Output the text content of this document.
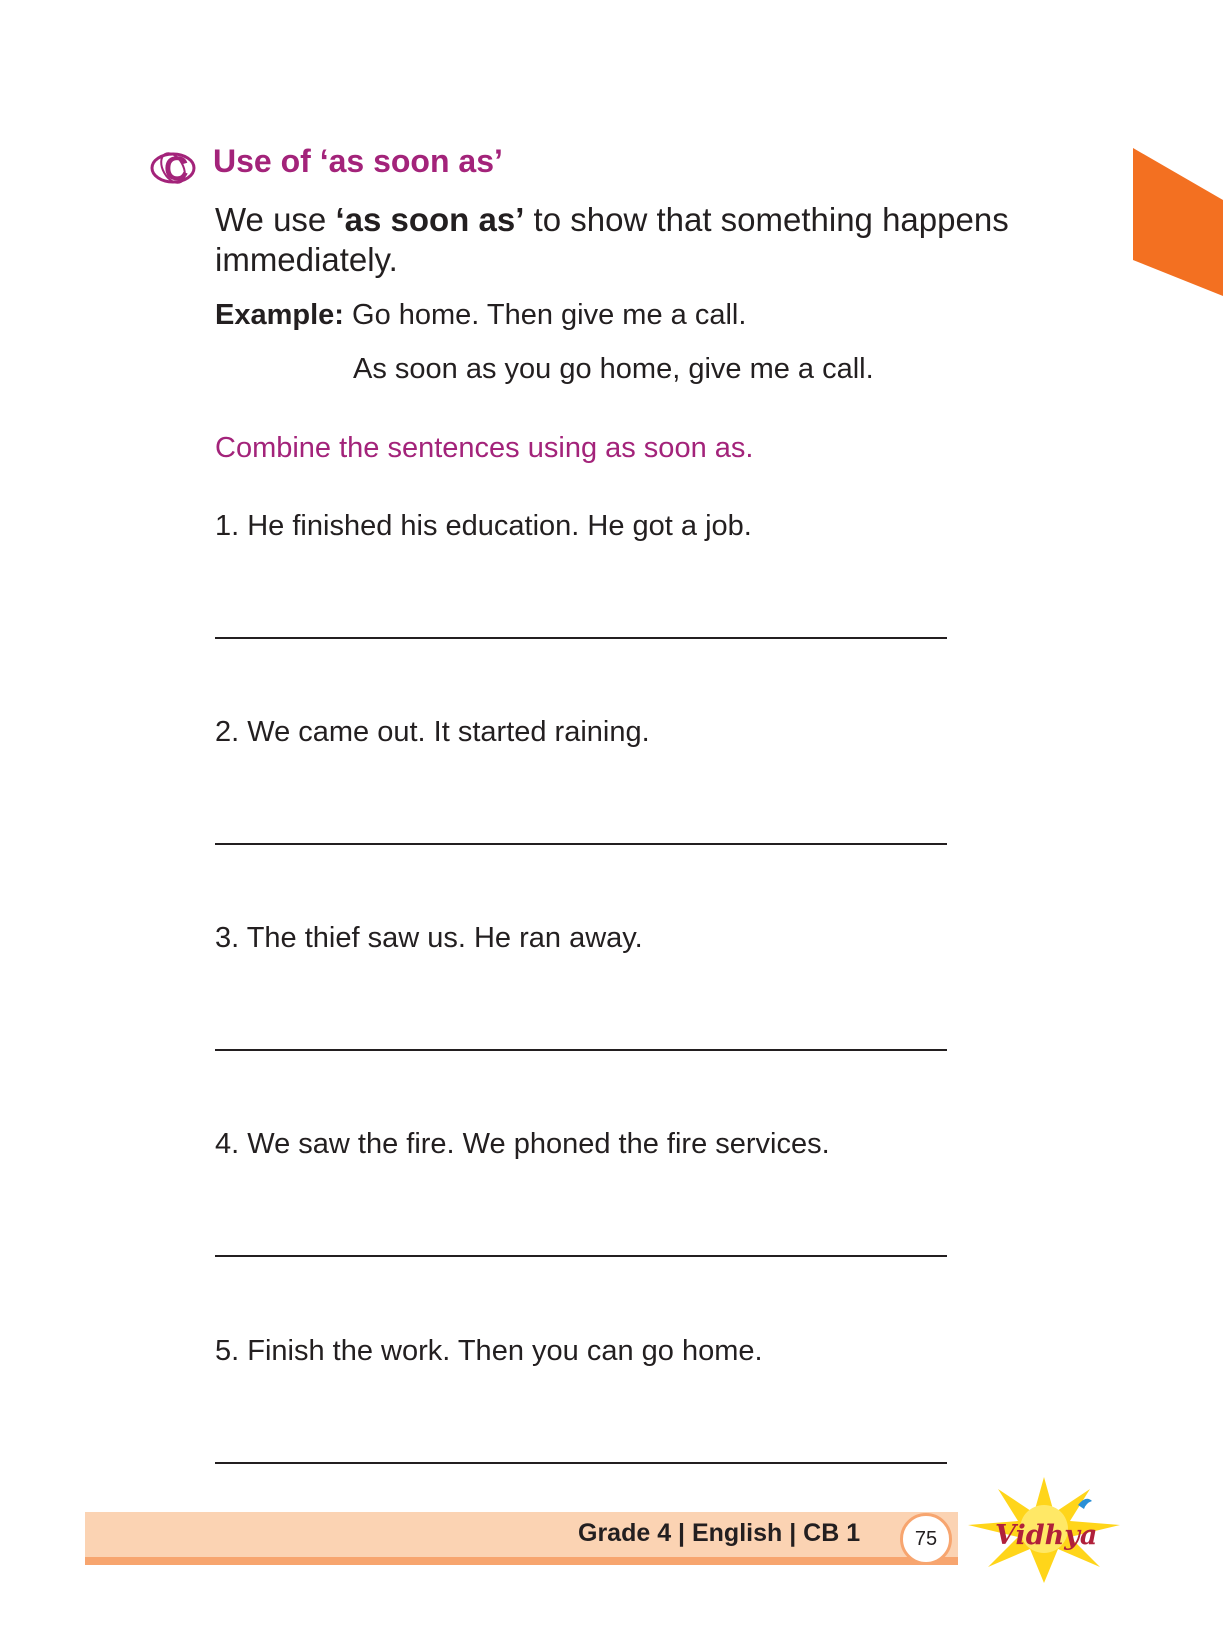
C Use of ‘as soon as’
We use ‘as soon as’ to show that something happens immediately.
Example: Go home. Then give me a call.
As soon as you go home, give me a call.
Combine the sentences using as soon as.
1. He finished his education. He got a job.
2. We came out. It started raining.
3. The thief saw us. He ran away.
4. We saw the fire. We phoned the fire services.
5. Finish the work. Then you can go home.
Grade 4 | English | CB 1	75	Vidhya
